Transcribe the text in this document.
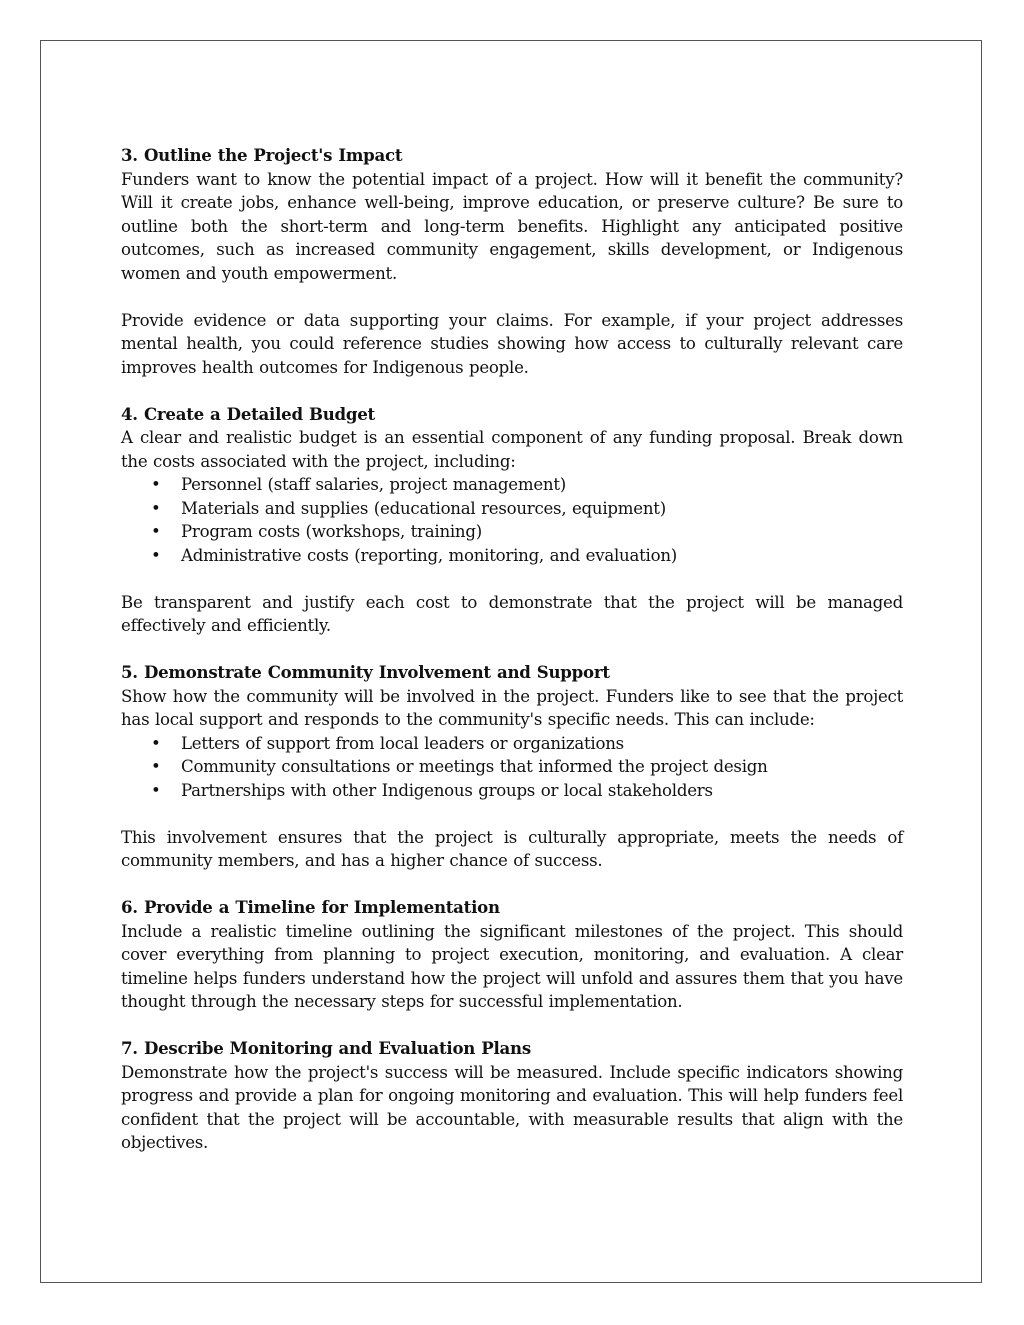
3. Outline the Project's Impact

Funders want to know the potential impact of a project. How will it benefit the community? Will it create jobs, enhance well-being, improve education, or preserve culture? Be sure to outline both the short-term and long-term benefits. Highlight any anticipated positive outcomes, such as increased community engagement, skills development, or Indigenous women and youth empowerment.

Provide evidence or data supporting your claims. For example, if your project addresses mental health, you could reference studies showing how access to culturally relevant care improves health outcomes for Indigenous people.

4. Create a Detailed Budget

A clear and realistic budget is an essential component of any funding proposal. Break down the costs associated with the project, including:

• Personnel (staff salaries, project management)
• Materials and supplies (educational resources, equipment)
• Program costs (workshops, training)
• Administrative costs (reporting, monitoring, and evaluation)

Be transparent and justify each cost to demonstrate that the project will be managed effectively and efficiently.

5. Demonstrate Community Involvement and Support

Show how the community will be involved in the project. Funders like to see that the project has local support and responds to the community's specific needs. This can include:

• Letters of support from local leaders or organizations
• Community consultations or meetings that informed the project design
• Partnerships with other Indigenous groups or local stakeholders

This involvement ensures that the project is culturally appropriate, meets the needs of community members, and has a higher chance of success.

6. Provide a Timeline for Implementation

Include a realistic timeline outlining the significant milestones of the project. This should cover everything from planning to project execution, monitoring, and evaluation. A clear timeline helps funders understand how the project will unfold and assures them that you have thought through the necessary steps for successful implementation.

7. Describe Monitoring and Evaluation Plans

Demonstrate how the project's success will be measured. Include specific indicators showing progress and provide a plan for ongoing monitoring and evaluation. This will help funders feel confident that the project will be accountable, with measurable results that align with the objectives.
